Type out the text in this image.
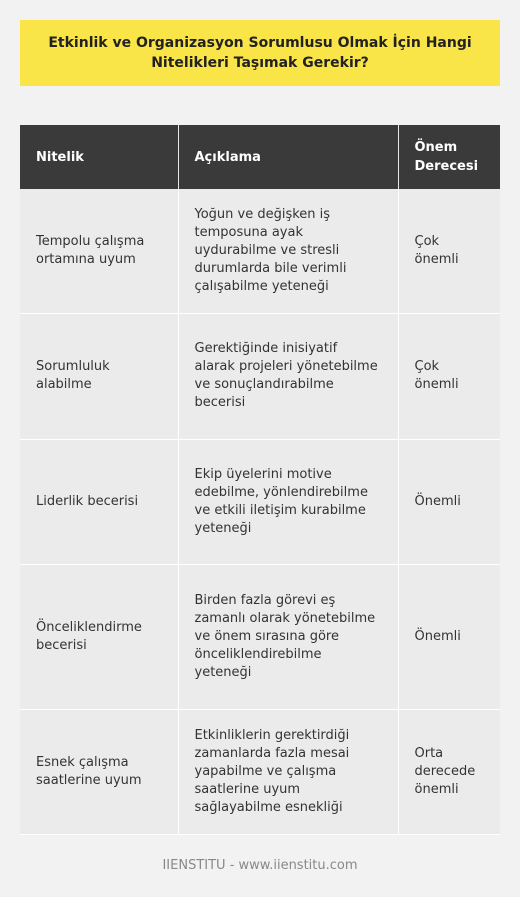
Etkinlik ve Organizasyon Sorumlusu Olmak İçin Hangi Nitelikleri Taşımak Gerekir?
Nitelik	Açıklama	Önem Derecesi
Tempolu çalışma ortamına uyum	Yoğun ve değişken iş temposuna ayak uydurabilme ve stresli durumlarda bile verimli çalışabilme yeteneği	Çok önemli
Sorumluluk alabilme	Gerektiğinde inisiyatif alarak projeleri yönetebilme ve sonuçlandırabilme becerisi	Çok önemli
Liderlik becerisi	Ekip üyelerini motive edebilme, yönlendirebilme ve etkili iletişim kurabilme yeteneği	Önemli
Önceliklendirme becerisi	Birden fazla görevi eş zamanlı olarak yönetebilme ve önem sırasına göre önceliklendirebilme yeteneği	Önemli
Esnek çalışma saatlerine uyum	Etkinliklerin gerektirdiği zamanlarda fazla mesai yapabilme ve çalışma saatlerine uyum sağlayabilme esnekliği	Orta derecede önemli
IIENSTITU - www.iienstitu.com
